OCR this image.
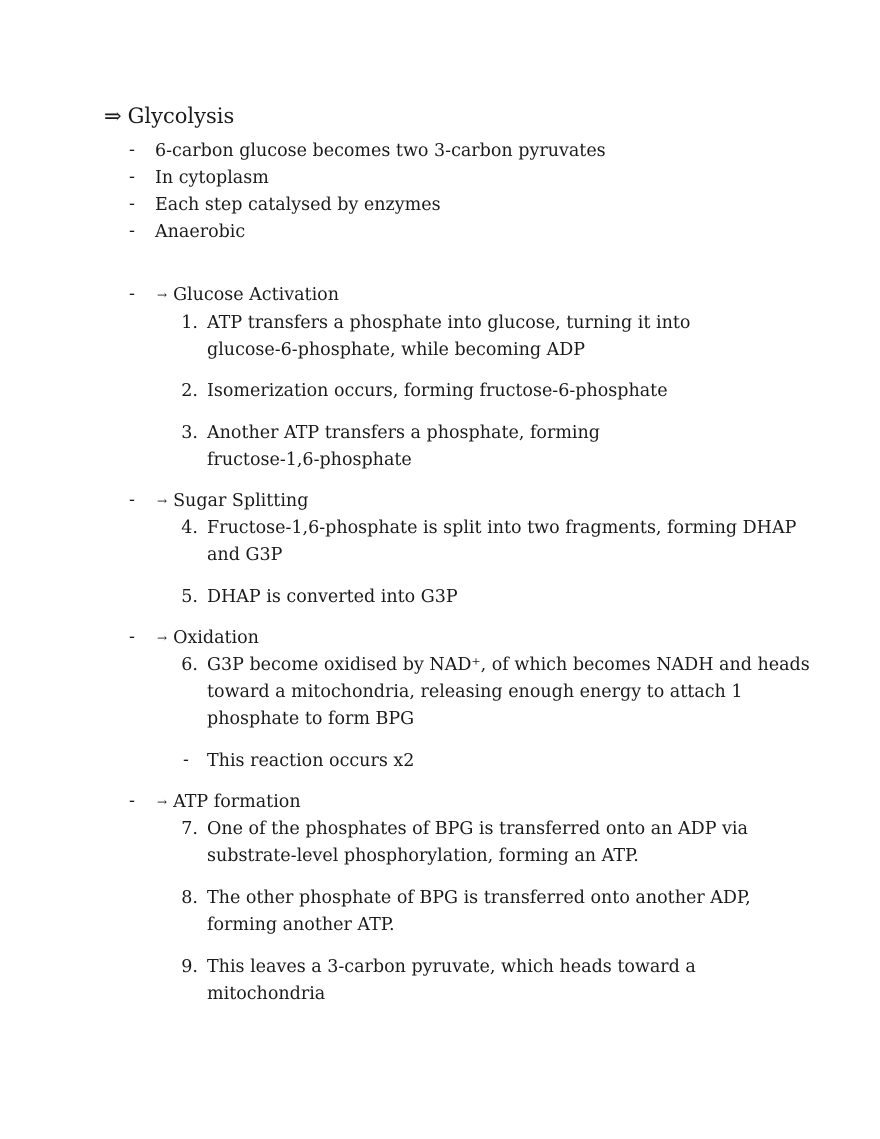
⇒ Glycolysis
- 6-carbon glucose becomes two 3-carbon pyruvates
- In cytoplasm
- Each step catalysed by enzymes
- Anaerobic
- → Glucose Activation
1. ATP transfers a phosphate into glucose, turning it into
glucose-6-phosphate, while becoming ADP
2. Isomerization occurs, forming fructose-6-phosphate
3. Another ATP transfers a phosphate, forming
fructose-1,6-phosphate
- → Sugar Splitting
4. Fructose-1,6-phosphate is split into two fragments, forming DHAP
and G3P
5. DHAP is converted into G3P
- → Oxidation
6. G3P become oxidised by NAD⁺, of which becomes NADH and heads
toward a mitochondria, releasing enough energy to attach 1
phosphate to form BPG
- This reaction occurs x2
- → ATP formation
7. One of the phosphates of BPG is transferred onto an ADP via
substrate-level phosphorylation, forming an ATP.
8. The other phosphate of BPG is transferred onto another ADP,
forming another ATP.
9. This leaves a 3-carbon pyruvate, which heads toward a
mitochondria
